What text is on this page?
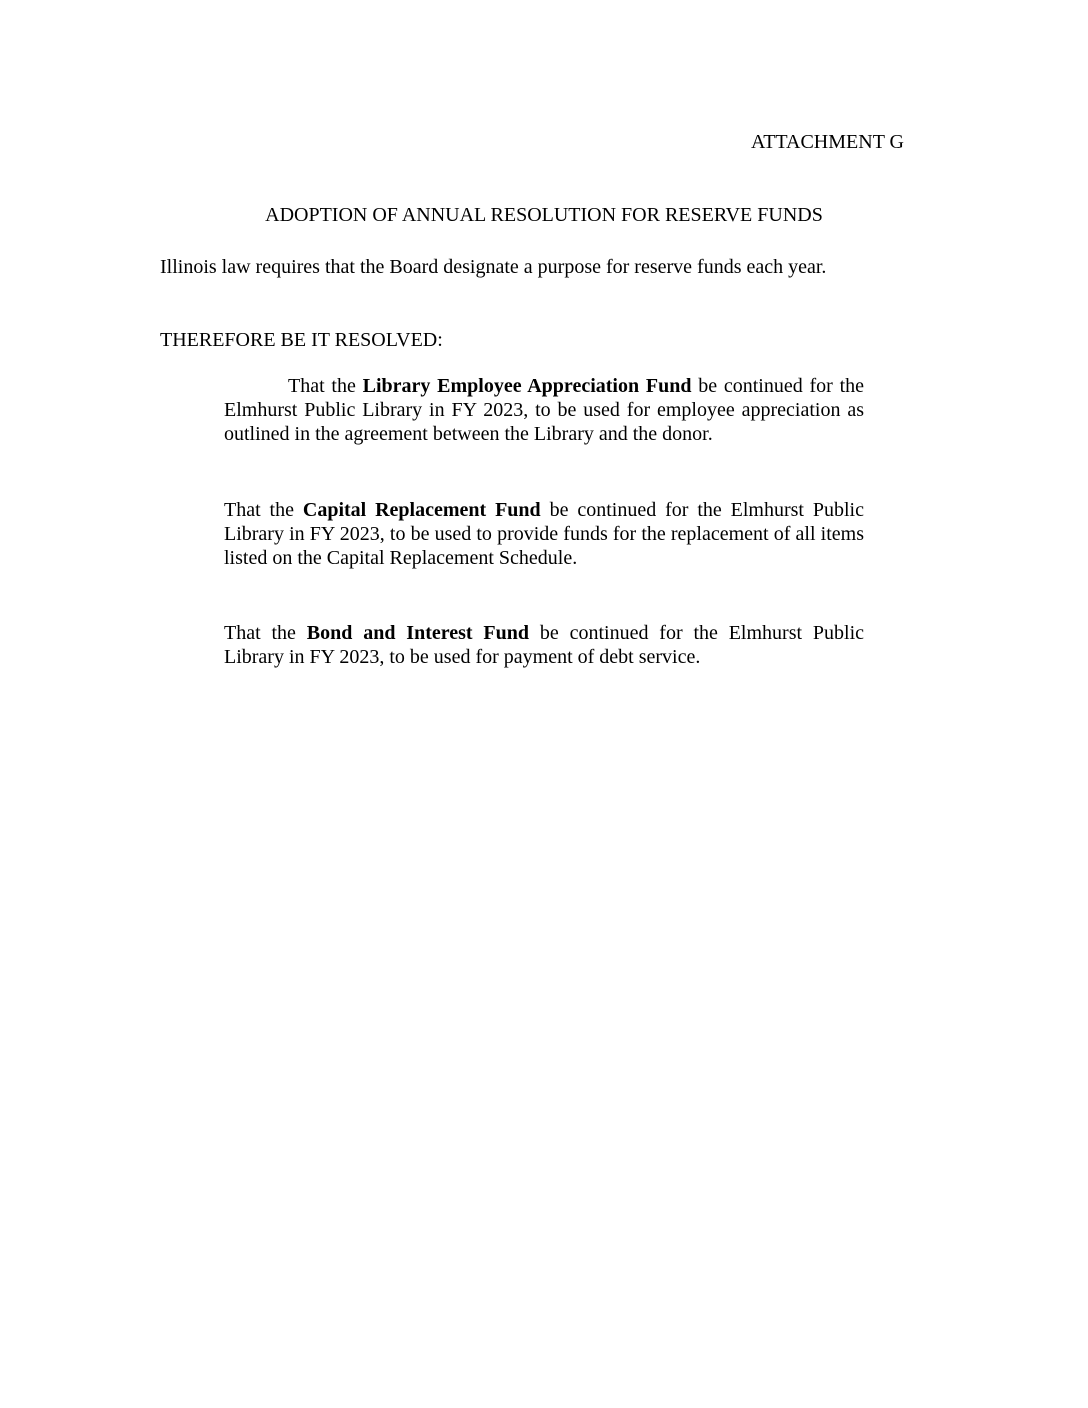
ATTACHMENT G

ADOPTION OF ANNUAL RESOLUTION FOR RESERVE FUNDS

Illinois law requires that the Board designate a purpose for reserve funds each year.

THEREFORE BE IT RESOLVED:

That the Library Employee Appreciation Fund be continued for the Elmhurst Public Library in FY 2023, to be used for employee appreciation as outlined in the agreement between the Library and the donor.

That the Capital Replacement Fund be continued for the Elmhurst Public Library in FY 2023, to be used to provide funds for the replacement of all items listed on the Capital Replacement Schedule.

That the Bond and Interest Fund be continued for the Elmhurst Public Library in FY 2023, to be used for payment of debt service.
